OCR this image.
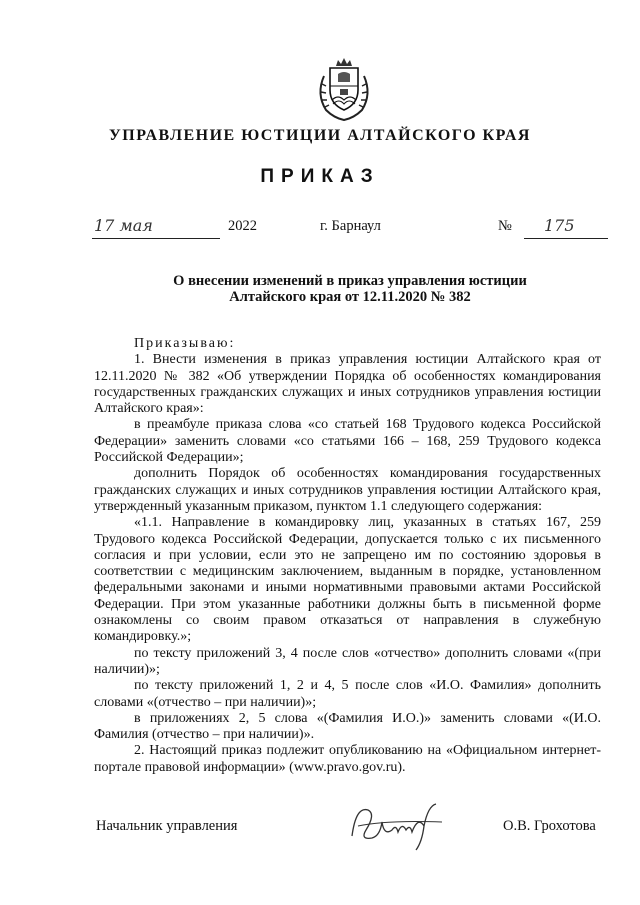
УПРАВЛЕНИЕ ЮСТИЦИИ АЛТАЙСКОГО КРАЯ
ПРИКАЗ
17 мая	2022	г. Барнаул	№ 175
О внесении изменений в приказ управления юстиции
Алтайского края от 12.11.2020 № 382

Приказываю:

1. Внести изменения в приказ управления юстиции Алтайского края от 12.11.2020 № 382 «Об утверждении Порядка об особенностях командирования государственных гражданских служащих и иных сотрудников управления юстиции Алтайского края»:

в преамбуле приказа слова «со статьей 168 Трудового кодекса Российской Федерации» заменить словами «со статьями 166 – 168, 259 Трудового кодекса Российской Федерации»;

дополнить Порядок об особенностях командирования государственных гражданских служащих и иных сотрудников управления юстиции Алтайского края, утвержденный указанным приказом, пунктом 1.1 следующего содержания:

«1.1. Направление в командировку лиц, указанных в статьях 167, 259 Трудового кодекса Российской Федерации, допускается только с их письменного согласия и при условии, если это не запрещено им по состоянию здоровья в соответствии с медицинским заключением, выданным в порядке, установленном федеральными законами и иными нормативными правовыми актами Российской Федерации. При этом указанные работники должны быть в письменной форме ознакомлены со своим правом отказаться от направления в служебную командировку.»;

по тексту приложений 3, 4 после слов «отчество» дополнить словами «(при наличии)»;

по тексту приложений 1, 2 и 4, 5 после слов «И.О. Фамилия» дополнить словами «(отчество – при наличии)»;

в приложениях 2, 5 слова «(Фамилия И.О.)» заменить словами «(И.О. Фамилия (отчество – при наличии)».

2. Настоящий приказ подлежит опубликованию на «Официальном интернет-портале правовой информации» (www.pravo.gov.ru).

Начальник управления	О.В. Грохотова
